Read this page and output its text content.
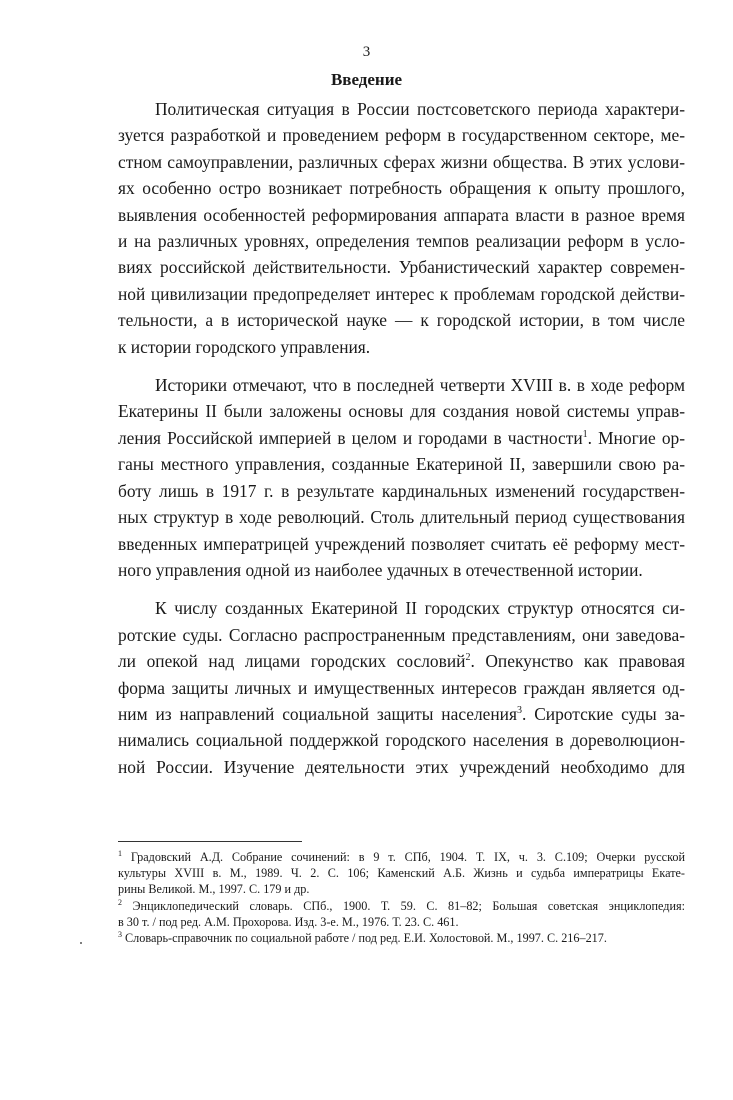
3
Введение

Политическая ситуация в России постсоветского периода характери-
зуется разработкой и проведением реформ в государственном секторе, ме-
стном самоуправлении, различных сферах жизни общества. В этих услови-
ях особенно остро возникает потребность обращения к опыту прошлого,
выявления особенностей реформирования аппарата власти в разное время
и на различных уровнях, определения темпов реализации реформ в усло-
виях российской действительности. Урбанистический характер современ-
ной цивилизации предопределяет интерес к проблемам городской действи-
тельности, а в исторической науке — к городской истории, в том числе
к истории городского управления.

Историки отмечают, что в последней четверти XVIII в. в ходе реформ
Екатерины II были заложены основы для создания новой системы управ-
ления Российской империей в целом и городами в частности$^1$. Многие ор-
ганы местного управления, созданные Екатериной II, завершили свою ра-
боту лишь в 1917 г. в результате кардинальных изменений государствен-
ных структур в ходе революций. Столь длительный период существования
введенных императрицей учреждений позволяет считать её реформу мест-
ного управления одной из наиболее удачных в отечественной истории.

К числу созданных Екатериной II городских структур относятся си-
ротские суды. Согласно распространенным представлениям, они заведова-
ли опекой над лицами городских сословий$^2$. Опекунство как правовая
форма защиты личных и имущественных интересов граждан является од-
ним из направлений социальной защиты населения$^3$. Сиротские суды за-
нимались социальной поддержкой городского населения в дореволюцион-
ной России. Изучение деятельности этих учреждений необходимо для

$^1$ Градовский А.Д. Собрание сочинений: в 9 т. СПб, 1904. Т. IX, ч. 3. С.109; Очерки русской
культуры XVIII в. М., 1989. Ч. 2. С. 106; Каменский А.Б. Жизнь и судьба императрицы Екате-
рины Великой. М., 1997. С. 179 и др.
$^2$ Энциклопедический словарь. СПб., 1900. Т. 59. С. 81–82; Большая советская энциклопедия:
в 30 т. / под ред. А.М. Прохорова. Изд. 3-е. М., 1976. Т. 23. С. 461.
$^3$ Словарь-справочник по социальной работе / под ред. Е.И. Холостовой. М., 1997. С. 216–217.
